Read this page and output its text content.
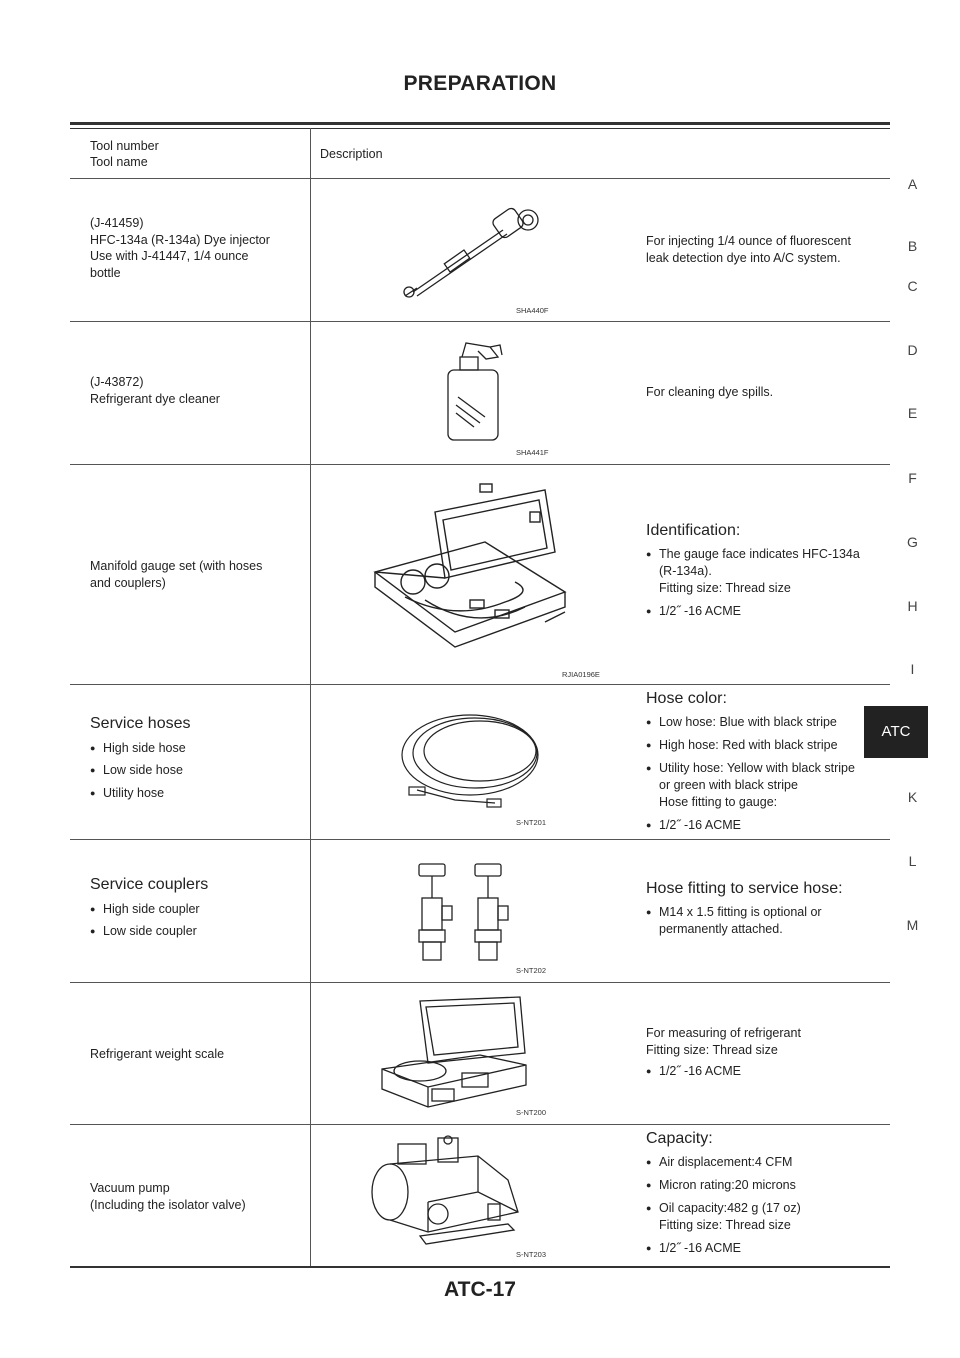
PREPARATION
A
B
C
D
E
F
G
H
I
ATC
K
L
M
Tool number
Tool name
Description
(J-41459)
HFC-134a (R-134a) Dye injector
Use with J-41447, 1/4 ounce
bottle
SHA440F
For injecting 1/4 ounce of fluorescent
leak detection dye into A/C system.
(J-43872)
Refrigerant dye cleaner
SHA441F
For cleaning dye spills.
Manifold gauge set (with hoses
and couplers)
RJIA0196E
Identification:
● The gauge face indicates HFC-134a
(R-134a).
Fitting size: Thread size
● 1/2˝ -16 ACME
Service hoses
● High side hose
● Low side hose
● Utility hose
S-NT201
Hose color:
● Low hose: Blue with black stripe
● High hose: Red with black stripe
● Utility hose: Yellow with black stripe
or green with black stripe
Hose fitting to gauge:
● 1/2˝ -16 ACME
Service couplers
● High side coupler
● Low side coupler
S-NT202
Hose fitting to service hose:
● M14 x 1.5 fitting is optional or
permanently attached.
Refrigerant weight scale
S-NT200
For measuring of refrigerant
Fitting size: Thread size
● 1/2˝ -16 ACME
Vacuum pump
(Including the isolator valve)
S-NT203
Capacity:
● Air displacement:4 CFM
● Micron rating:20 microns
● Oil capacity:482 g (17 oz)
Fitting size: Thread size
● 1/2˝ -16 ACME
ATC-17
